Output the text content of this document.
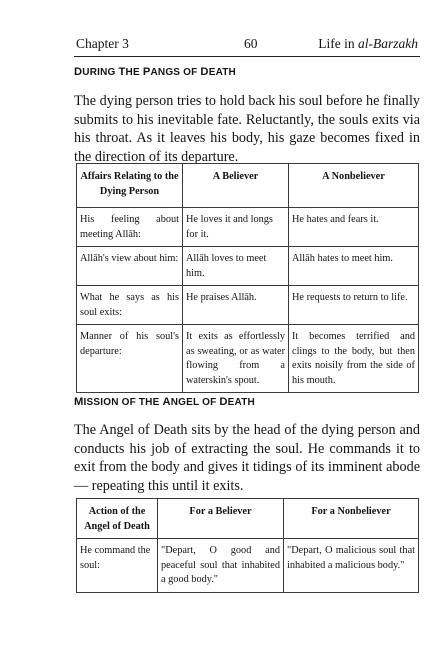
Chapter 3	60	Life in al-Barzakh
DURING THE PANGS OF DEATH
The dying person tries to hold back his soul before he finally submits to his inevitable fate. Reluctantly, the souls exits via his throat. As it leaves his body, his gaze becomes fixed in the direction of its departure.
Affairs Relating to the Dying Person	A Believer	A Nonbeliever
His feeling about meeting Allāh:	He loves it and longs for it.	He hates and fears it.
Allāh's view about him:	Allāh loves to meet him.	Allāh hates to meet him.
What he says as his soul exits:	He praises Allāh.	He requests to return to life.
Manner of his soul's departure:	It exits as effortlessly as sweating, or as water flowing from a waterskin's spout.	It becomes terrified and clings to the body, but then exits noisily from the side of his mouth.
MISSION OF THE ANGEL OF DEATH
The Angel of Death sits by the head of the dying person and conducts his job of extracting the soul. He commands it to exit from the body and gives it tidings of its imminent abode — repeating this until it exits.
Action of the Angel of Death	For a Believer	For a Nonbeliever
He command the soul:	"Depart, O good and peaceful soul that inhabited a good body."	"Depart, O malicious soul that inhabited a malicious body."
